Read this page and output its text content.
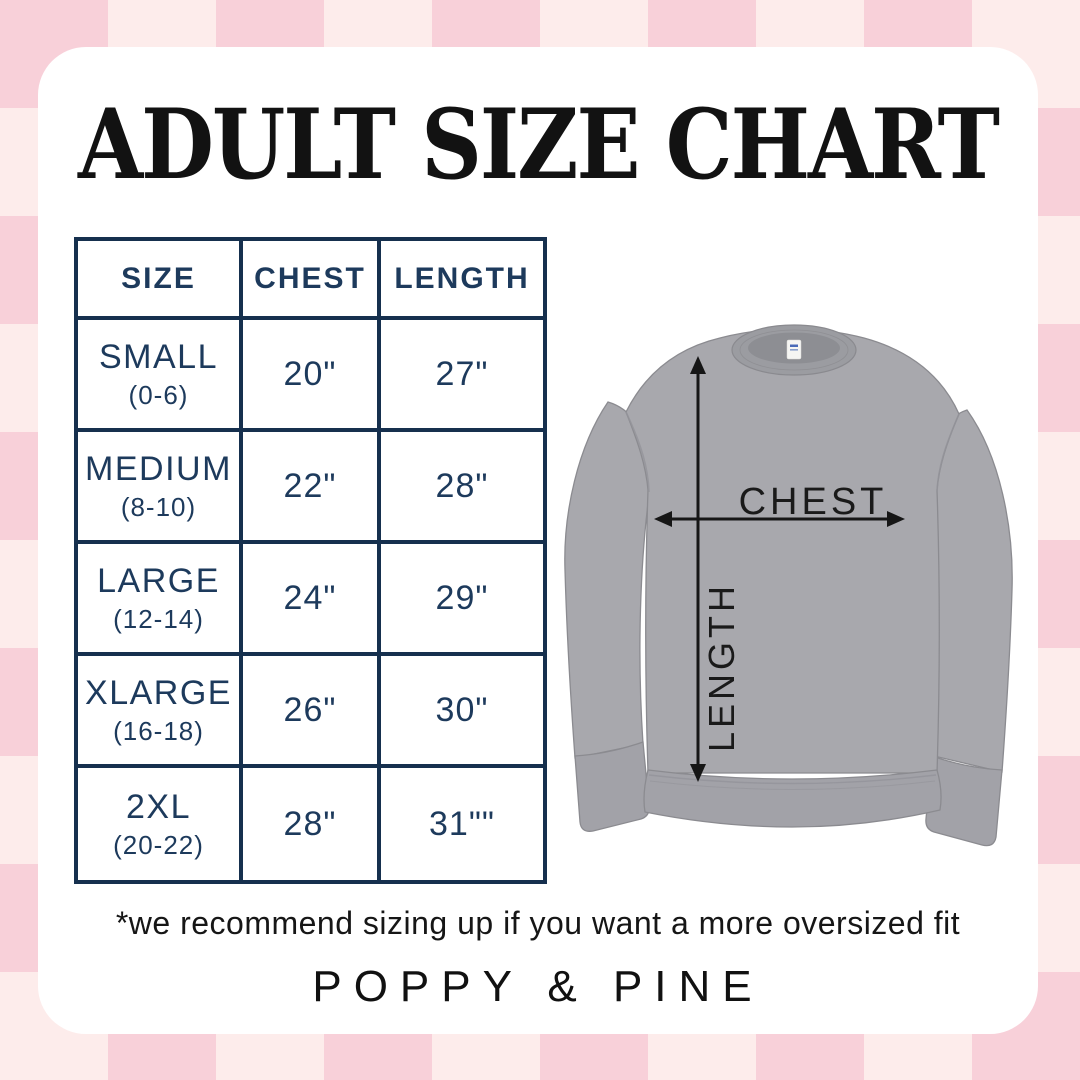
ADULT SIZE CHART
SIZE	CHEST LENGTH
SMALL
(0-6)
20"	27"
MEDIUM
(8-10)
22"	28"
LARGE
(12-14)
24"	29"
XLARGE
(16-18)
26"	30"
2XL
(20-22)
28"	31""
CHEST
LENGTH
*we recommend sizing up if you want a more oversized fit
POPPY & PINE
